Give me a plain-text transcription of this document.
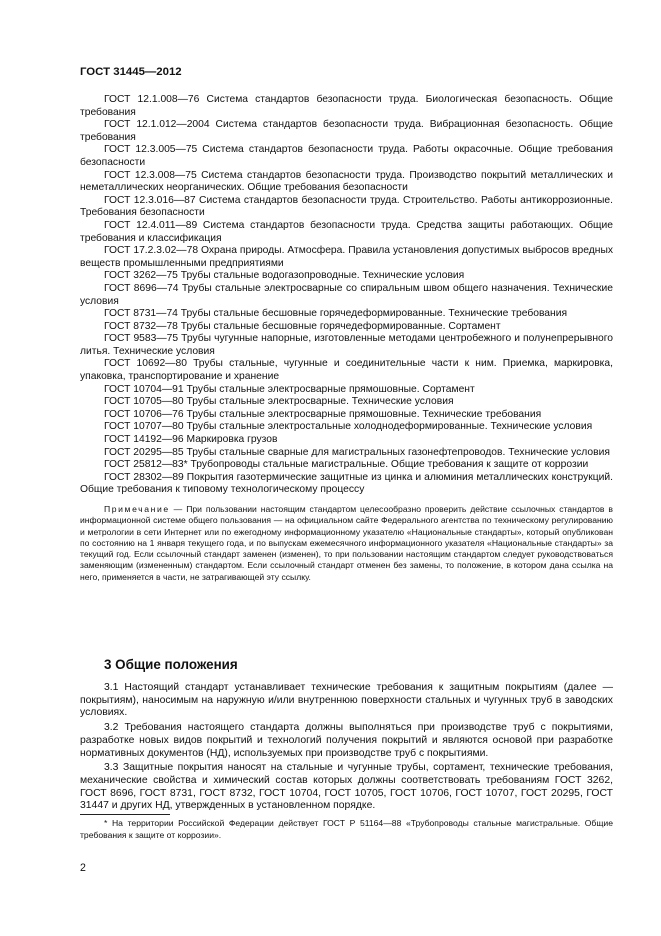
ГОСТ 31445—2012

ГОСТ 12.1.008—76 Система стандартов безопасности труда. Биологическая безопасность. Общие требования

ГОСТ 12.1.012—2004 Система стандартов безопасности труда. Вибрационная безопасность. Общие требования

ГОСТ 12.3.005—75 Система стандартов безопасности труда. Работы окрасочные. Общие требования безопасности

ГОСТ 12.3.008—75 Система стандартов безопасности труда. Производство покрытий металлических и неметаллических неорганических. Общие требования безопасности

ГОСТ 12.3.016—87 Система стандартов безопасности труда. Строительство. Работы антикоррозионные. Требования безопасности

ГОСТ 12.4.011—89 Система стандартов безопасности труда. Средства защиты работающих. Общие требования и классификация

ГОСТ 17.2.3.02—78 Охрана природы. Атмосфера. Правила установления допустимых выбросов вредных веществ промышленными предприятиями

ГОСТ 3262—75 Трубы стальные водогазопроводные. Технические условия

ГОСТ 8696—74 Трубы стальные электросварные со спиральным швом общего назначения. Технические условия

ГОСТ 8731—74 Трубы стальные бесшовные горячедеформированные. Технические требования

ГОСТ 8732—78 Трубы стальные бесшовные горячедеформированные. Сортамент

ГОСТ 9583—75 Трубы чугунные напорные, изготовленные методами центробежного и полунепрерывного литья. Технические условия

ГОСТ 10692—80 Трубы стальные, чугунные и соединительные части к ним. Приемка, маркировка, упаковка, транспортирование и хранение

ГОСТ 10704—91 Трубы стальные электросварные прямошовные. Сортамент

ГОСТ 10705—80 Трубы стальные электросварные. Технические условия

ГОСТ 10706—76 Трубы стальные электросварные прямошовные. Технические требования

ГОСТ 10707—80 Трубы стальные электростальные холоднодеформированные. Технические условия

ГОСТ 14192—96 Маркировка грузов

ГОСТ 20295—85 Трубы стальные сварные для магистральных газонефтепроводов. Технические условия

ГОСТ 25812—83* Трубопроводы стальные магистральные. Общие требования к защите от коррозии

ГОСТ 28302—89 Покрытия газотермические защитные из цинка и алюминия металлических конструкций. Общие требования к типовому технологическому процессу

Примечание — При пользовании настоящим стандартом целесообразно проверить действие ссылочных стандартов в информационной системе общего пользования — на официальном сайте Федерального агентства по техническому регулированию и метрологии в сети Интернет или по ежегодному информационному указателю «Национальные стандарты», который опубликован по состоянию на 1 января текущего года, и по выпускам ежемесячного информационного указателя «Национальные стандарты» за текущий год. Если ссылочный стандарт заменен (изменен), то при пользовании настоящим стандартом следует руководствоваться заменяющим (измененным) стандартом. Если ссылочный стандарт отменен без замены, то положение, в котором дана ссылка на него, применяется в части, не затрагивающей эту ссылку.

3 Общие положения

3.1 Настоящий стандарт устанавливает технические требования к защитным покрытиям (далее — покрытиям), наносимым на наружную и/или внутреннюю поверхности стальных и чугунных труб в заводских условиях.

3.2 Требования настоящего стандарта должны выполняться при производстве труб с покрытиями, разработке новых видов покрытий и технологий получения покрытий и являются основой при разработке нормативных документов (НД), используемых при производстве труб с покрытиями.

3.3 Защитные покрытия наносят на стальные и чугунные трубы, сортамент, технические требования, механические свойства и химический состав которых должны соответствовать требованиям ГОСТ 3262, ГОСТ 8696, ГОСТ 8731, ГОСТ 8732, ГОСТ 10704, ГОСТ 10705, ГОСТ 10706, ГОСТ 10707, ГОСТ 20295, ГОСТ 31447 и других НД, утвержденных в установленном порядке.

* На территории Российской Федерации действует ГОСТ Р 51164—88 «Трубопроводы стальные магистральные. Общие требования к защите от коррозии».

2
